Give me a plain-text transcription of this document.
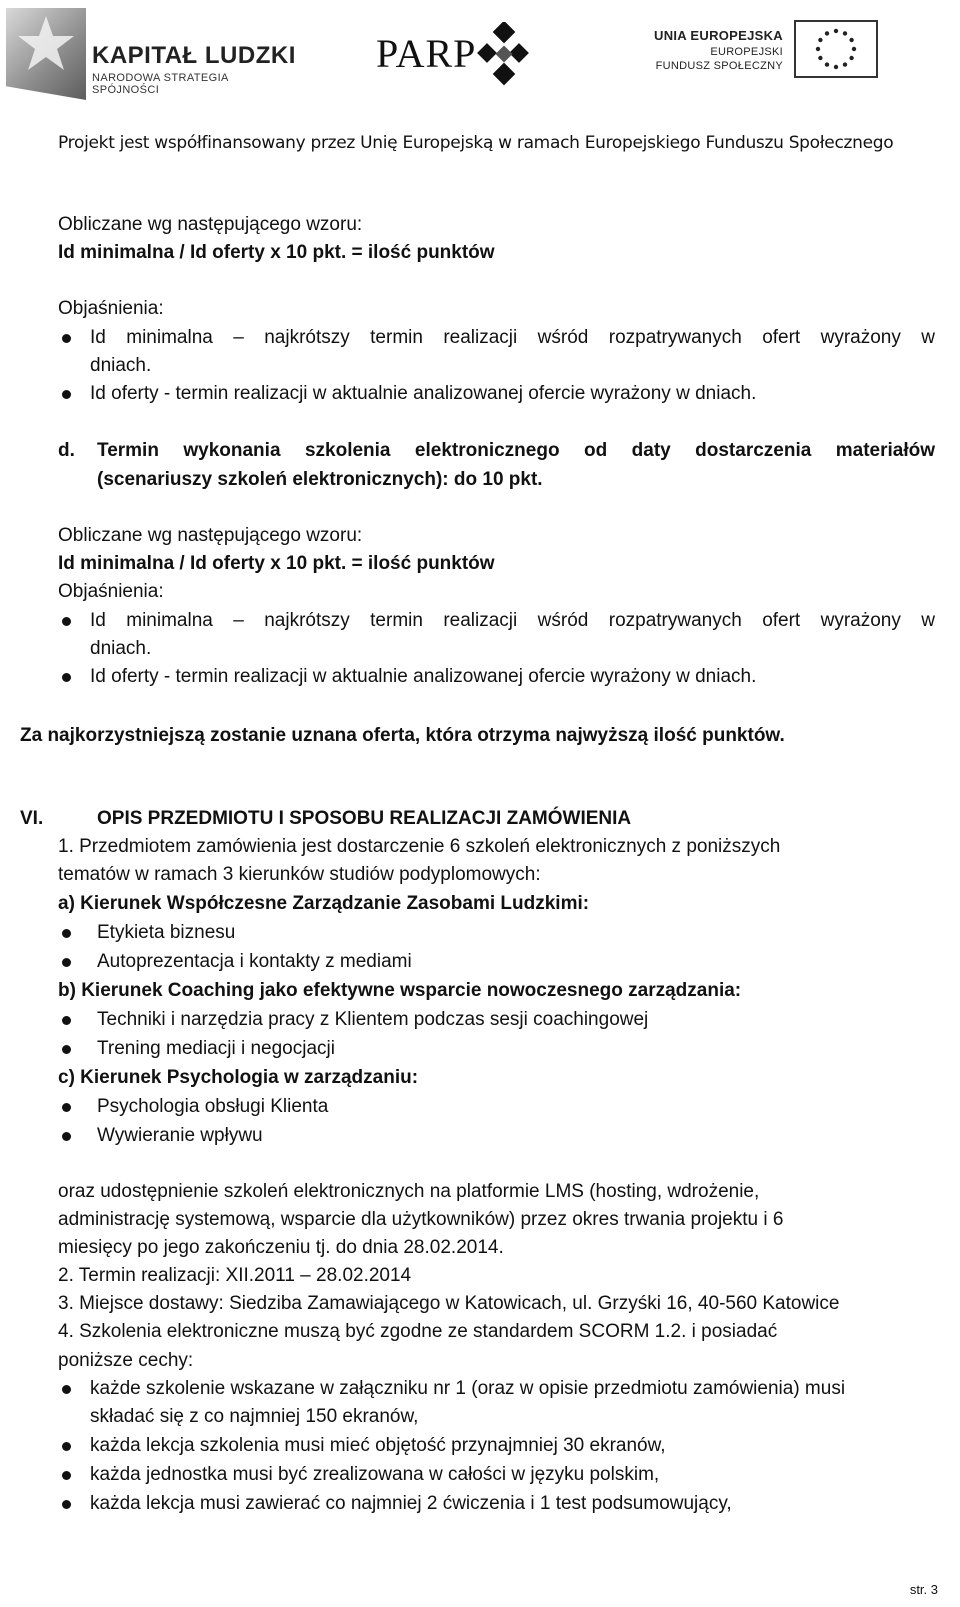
KAPITAŁ LUDZKI
NARODOWA STRATEGIA SPÓJNOŚCI
PARP	UNIA EUROPEJSKA
EUROPEJSKI
FUNDUSZ SPOŁECZNY
Projekt jest współfinansowany przez Unię Europejską w ramach Europejskiego Funduszu Społecznego
Obliczane wg następującego wzoru:
Id minimalna / Id oferty x 10 pkt. = ilość punktów
Objaśnienia:
Id minimalna – najkrótszy termin realizacji wśród rozpatrywanych ofert wyrażony w
dniach.
Id oferty - termin realizacji w aktualnie analizowanej ofercie wyrażony w dniach.
d. Termin wykonania szkolenia elektronicznego od daty dostarczenia materiałów
(scenariuszy szkoleń elektronicznych): do 10 pkt.
Obliczane wg następującego wzoru:
Id minimalna / Id oferty x 10 pkt. = ilość punktów
Objaśnienia:
Id minimalna – najkrótszy termin realizacji wśród rozpatrywanych ofert wyrażony w
dniach.
Id oferty - termin realizacji w aktualnie analizowanej ofercie wyrażony w dniach.
Za najkorzystniejszą zostanie uznana oferta, która otrzyma najwyższą ilość punktów.
VI.	OPIS PRZEDMIOTU I SPOSOBU REALIZACJI ZAMÓWIENIA
1. Przedmiotem zamówienia jest dostarczenie 6 szkoleń elektronicznych z poniższych
tematów w ramach 3 kierunków studiów podyplomowych:
a) Kierunek Współczesne Zarządzanie Zasobami Ludzkimi:
Etykieta biznesu
Autoprezentacja i kontakty z mediami
b) Kierunek Coaching jako efektywne wsparcie nowoczesnego zarządzania:
Techniki i narzędzia pracy z Klientem podczas sesji coachingowej
Trening mediacji i negocjacji
c) Kierunek Psychologia w zarządzaniu:
Psychologia obsługi Klienta
Wywieranie wpływu
oraz udostępnienie szkoleń elektronicznych na platformie LMS (hosting, wdrożenie,
administrację systemową, wsparcie dla użytkowników) przez okres trwania projektu i 6
miesięcy po jego zakończeniu tj. do dnia 28.02.2014.
2. Termin realizacji: XII.2011 – 28.02.2014
3. Miejsce dostawy: Siedziba Zamawiającego w Katowicach, ul. Grzyśki 16, 40-560 Katowice
4. Szkolenia elektroniczne muszą być zgodne ze standardem SCORM 1.2. i posiadać
poniższe cechy:
każde szkolenie wskazane w załączniku nr 1 (oraz w opisie przedmiotu zamówienia) musi
składać się z co najmniej 150 ekranów,
każda lekcja szkolenia musi mieć objętość przynajmniej 30 ekranów,
każda jednostka musi być zrealizowana w całości w języku polskim,
każda lekcja musi zawierać co najmniej 2 ćwiczenia i 1 test podsumowujący,
str. 3
